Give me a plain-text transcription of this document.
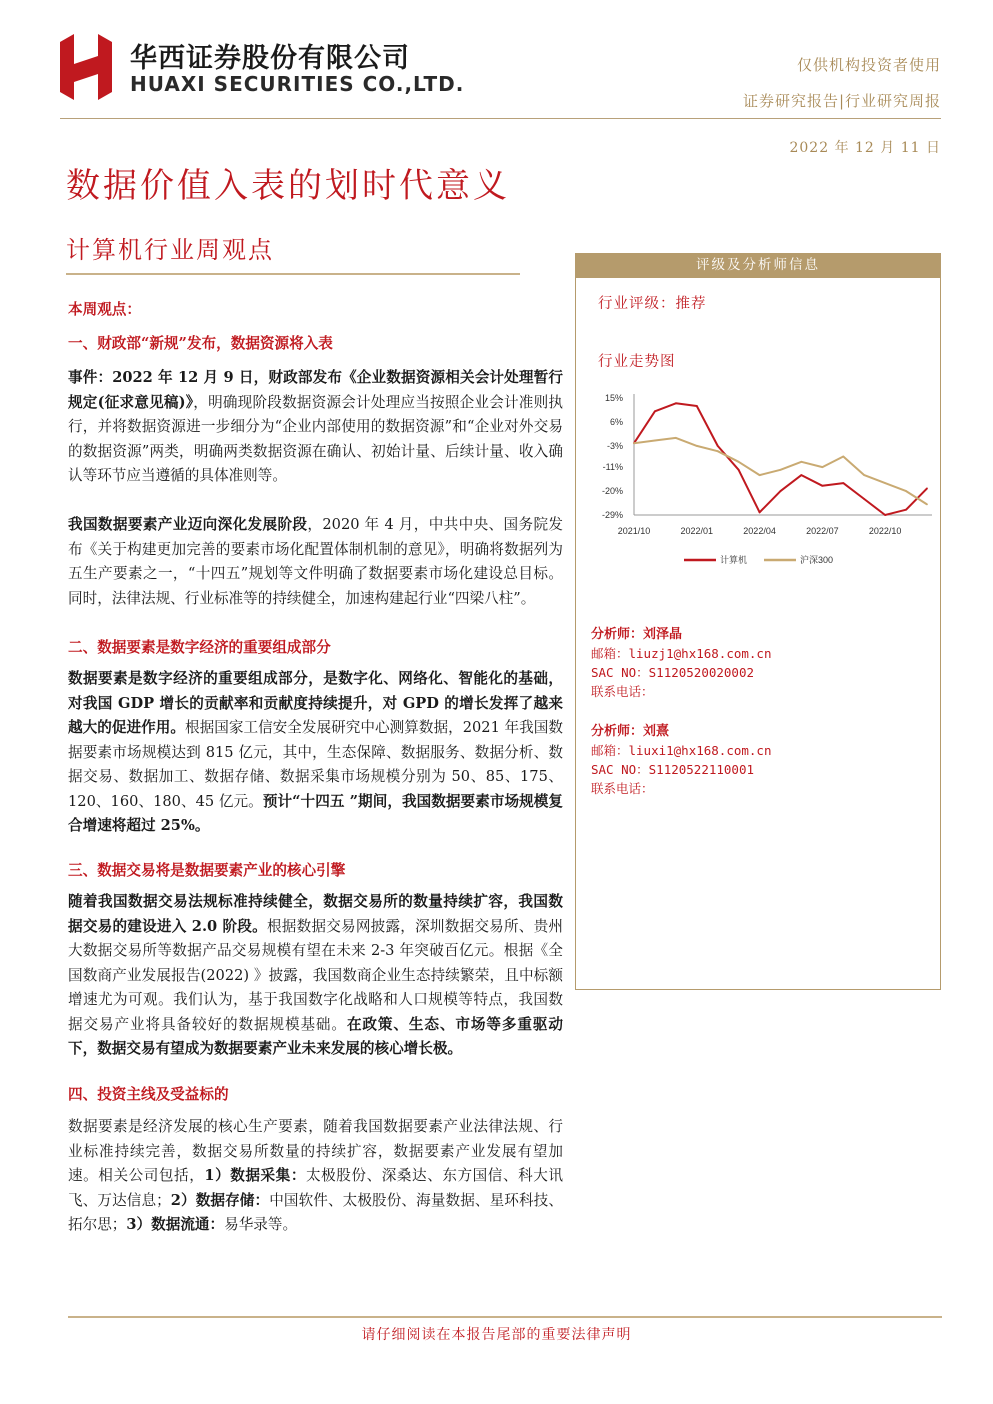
华西证券股份有限公司
HUAXI SECURITIES CO.,LTD.
仅供机构投资者使用
证券研究报告|行业研究周报
2022 年 12 月 11 日
数据价值入表的划时代意义
计算机行业周观点
本周观点：

一、财政部“新规”发布，数据资源将入表

事件：2022 年 12 月 9 日，财政部发布《企业数据资源相关会计处理暂行规定(征求意见稿)》，明确现阶段数据资源会计处理应当按照企业会计准则执行，并将数据资源进一步细分为“企业内部使用的数据资源”和“企业对外交易的数据资源”两类，明确两类数据资源在确认、初始计量、后续计量、收入确认等环节应当遵循的具体准则等。

我国数据要素产业迈向深化发展阶段，2020 年 4 月，中共中央、国务院发布《关于构建更加完善的要素市场化配置体制机制的意见》，明确将数据列为五生产要素之一，“十四五”规划等文件明确了数据要素市场化建设总目标。同时，法律法规、行业标准等的持续健全，加速构建起行业“四梁八柱”。

二、数据要素是数字经济的重要组成部分

数据要素是数字经济的重要组成部分，是数字化、网络化、智能化的基础，对我国 GDP 增长的贡献率和贡献度持续提升，对 GPD 的增长发挥了越来越大的促进作用。根据国家工信安全发展研究中心测算数据，2021 年我国数据要素市场规模达到 815 亿元，其中，生态保障、数据服务、数据分析、数据交易、数据加工、数据存储、数据采集市场规模分别为 50、85、175、120、160、180、45 亿元。预计“十四五 ”期间，我国数据要素市场规模复合增速将超过 25%。

三、数据交易将是数据要素产业的核心引擎

随着我国数据交易法规标准持续健全，数据交易所的数量持续扩容，我国数据交易的建设进入 2.0 阶段。根据数据交易网披露，深圳数据交易所、贵州大数据交易所等数据产品交易规模有望在未来 2-3 年突破百亿元。根据《全国数商产业发展报告(2022) 》披露，我国数商企业生态持续繁荣，且中标额增速尤为可观。我们认为，基于我国数字化战略和人口规模等特点，我国数据交易产业将具备较好的数据规模基础。在政策、生态、市场等多重驱动下，数据交易有望成为数据要素产业未来发展的核心增长极。

四、投资主线及受益标的

数据要素是经济发展的核心生产要素，随着我国数据要素产业法律法规、行业标准持续完善，数据交易所数量的持续扩容，数据要素产业发展有望加速。相关公司包括，1）数据采集：太极股份、深桑达、东方国信、科大讯飞、万达信息；2）数据存储：中国软件、太极股份、海量数据、星环科技、拓尔思；3）数据流通：易华录等。

评级及分析师信息
行业评级：推荐
行业走势图
15%
6%
-3%
-11%
-20%
-29%
2021/10	2022/01	2022/04	2022/07	2022/10
计算机	沪深300
分析师：刘泽晶
邮箱：liuzj1@hx168.com.cn
SAC NO：S1120520020002
联系电话：
分析师：刘熹
邮箱：liuxi1@hx168.com.cn
SAC NO：S1120522110001
联系电话：
请仔细阅读在本报告尾部的重要法律声明
